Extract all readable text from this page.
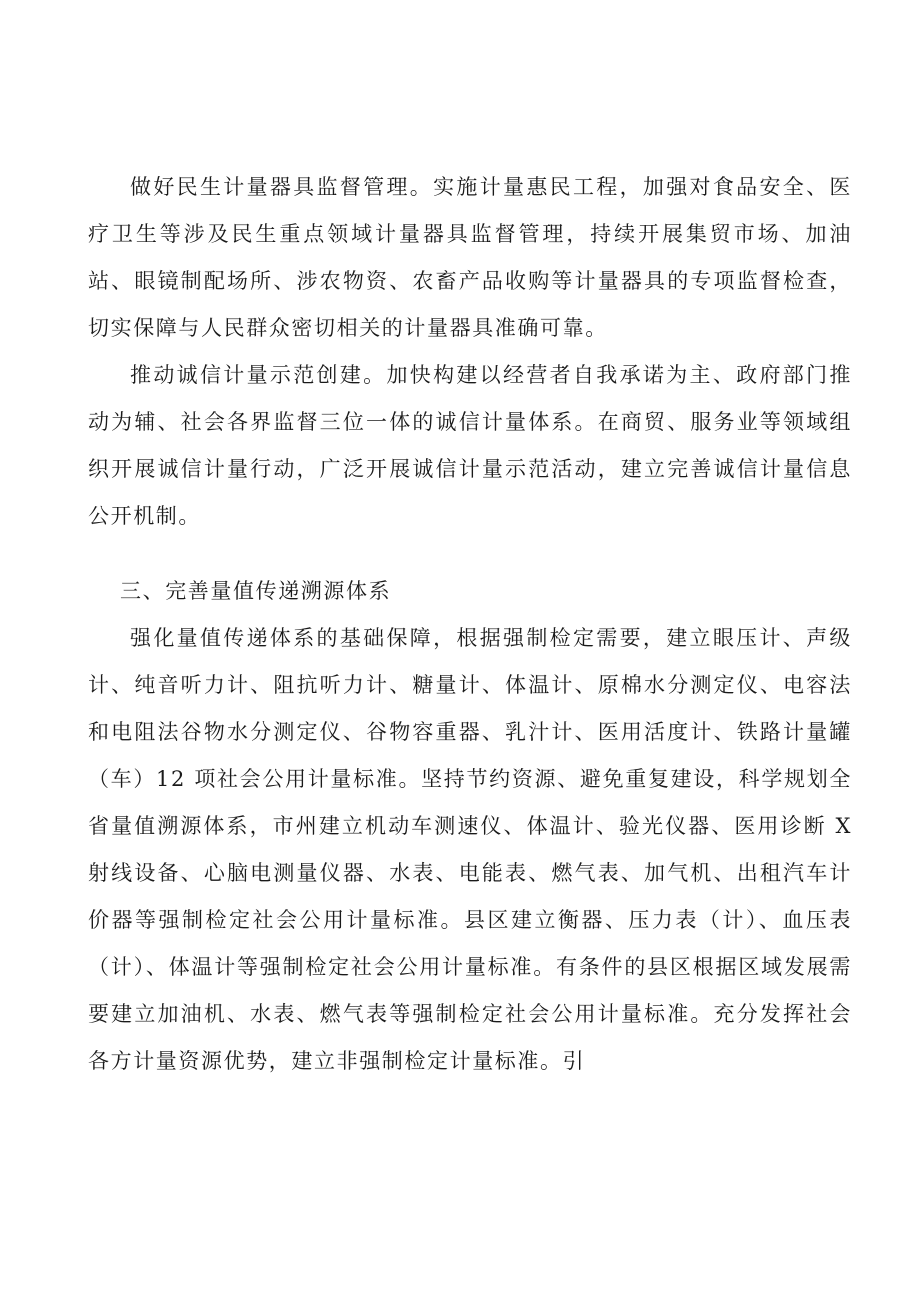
做好民生计量器具监督管理。实施计量惠民工程，加强对食品安全、医疗卫生等涉及民生重点领域计量器具监督管理，持续开展集贸市场、加油站、眼镜制配场所、涉农物资、农畜产品收购等计量器具的专项监督检查，切实保障与人民群众密切相关的计量器具准确可靠。

推动诚信计量示范创建。加快构建以经营者自我承诺为主、政府部门推动为辅、社会各界监督三位一体的诚信计量体系。在商贸、服务业等领域组织开展诚信计量行动，广泛开展诚信计量示范活动，建立完善诚信计量信息公开机制。

三、完善量值传递溯源体系

强化量值传递体系的基础保障，根据强制检定需要，建立眼压计、声级计、纯音听力计、阻抗听力计、糖量计、体温计、原棉水分测定仪、电容法和电阻法谷物水分测定仪、谷物容重器、乳汁计、医用活度计、铁路计量罐（车）12 项社会公用计量标准。坚持节约资源、避免重复建设，科学规划全省量值溯源体系，市州建立机动车测速仪、体温计、验光仪器、医用诊断 X 射线设备、心脑电测量仪器、水表、电能表、燃气表、加气机、出租汽车计价器等强制检定社会公用计量标准。县区建立衡器、压力表（计）、血压表（计）、体温计等强制检定社会公用计量标准。有条件的县区根据区域发展需要建立加油机、水表、燃气表等强制检定社会公用计量标准。充分发挥社会各方计量资源优势，建立非强制检定计量标准。引
